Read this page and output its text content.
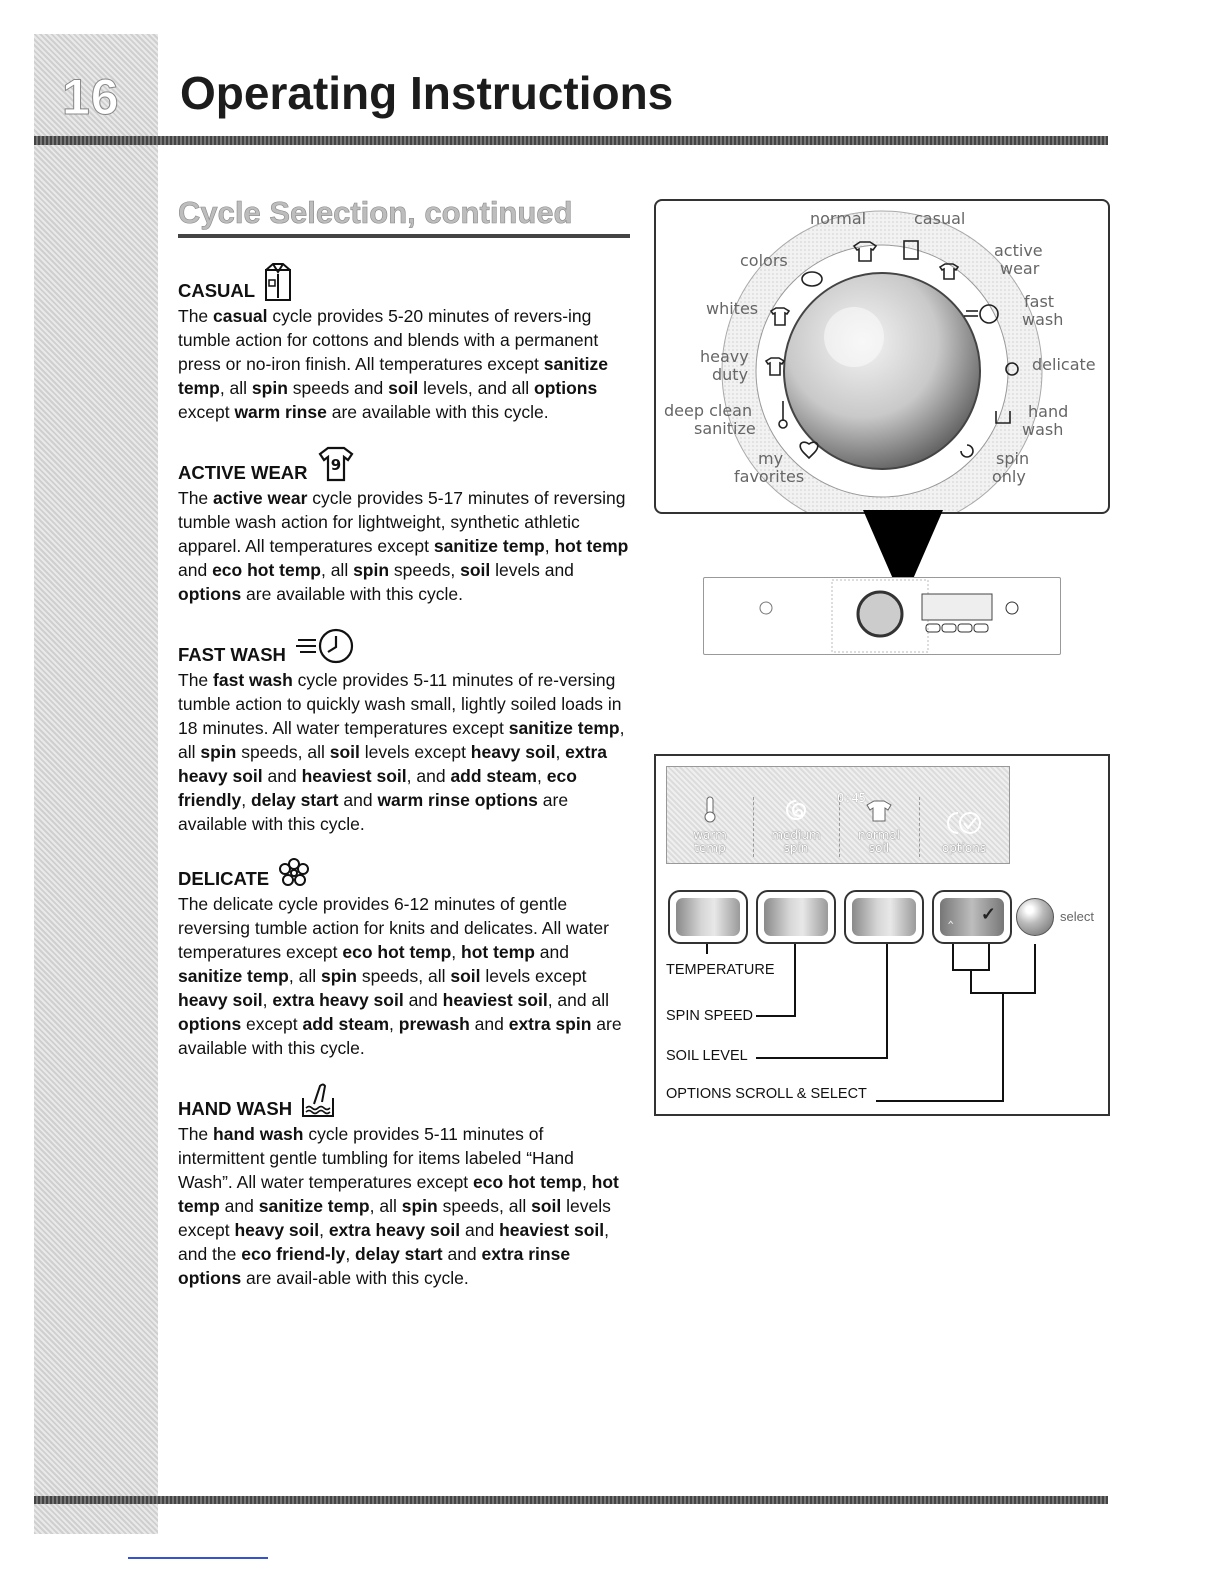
16 Operating Instructions
Cycle Selection, continued
CASUAL

The casual cycle provides 5-20 minutes of revers-ing tumble action for cottons and blends with a permanent press or no-iron finish. All temperatures except sanitize temp, all spin speeds and soil levels, and all options except warm rinse are available with this cycle.

ACTIVE WEAR 9

The active wear cycle provides 5-17 minutes of reversing tumble wash action for lightweight, synthetic athletic apparel. All temperatures except sanitize temp, hot temp and eco hot temp, all spin speeds, soil levels and options are available with this cycle.

FAST WASH

The fast wash cycle provides 5-11 minutes of re-versing tumble action to quickly wash small, lightly soiled loads in 18 minutes. All water temperatures except sanitize temp, all spin speeds, all soil levels except heavy soil, extra heavy soil and heaviest soil, and add steam, eco friendly, delay start and warm rinse options are available with this cycle.

DELICATE

The delicate cycle provides 6-12 minutes of gentle reversing tumble action for knits and delicates. All water temperatures except eco hot temp, hot temp and sanitize temp, all spin speeds, all soil levels except heavy soil, extra heavy soil and heaviest soil, and all options except add steam, prewash and extra spin are available with this cycle.

HAND WASH

The hand wash cycle provides 5-11 minutes of intermittent gentle tumbling for items labeled “Hand Wash”. All water temperatures except eco hot temp, hot temp and sanitize temp, all spin speeds, all soil levels except heavy soil, extra heavy soil and heaviest soil, and the eco friend-ly, delay start and extra rinse options are avail-able with this cycle.

normal	casual
active
wear
fast
wash
delicate
hand
wash
spin
only
my
favorites
deep clean
sanitize
heavy
duty
whites
colors
0:45
warm
temp
medium
spin
normal
soil	options
‸ ✓	select
TEMPERATURE
SPIN SPEED
SOIL LEVEL
OPTIONS SCROLL & SELECT
